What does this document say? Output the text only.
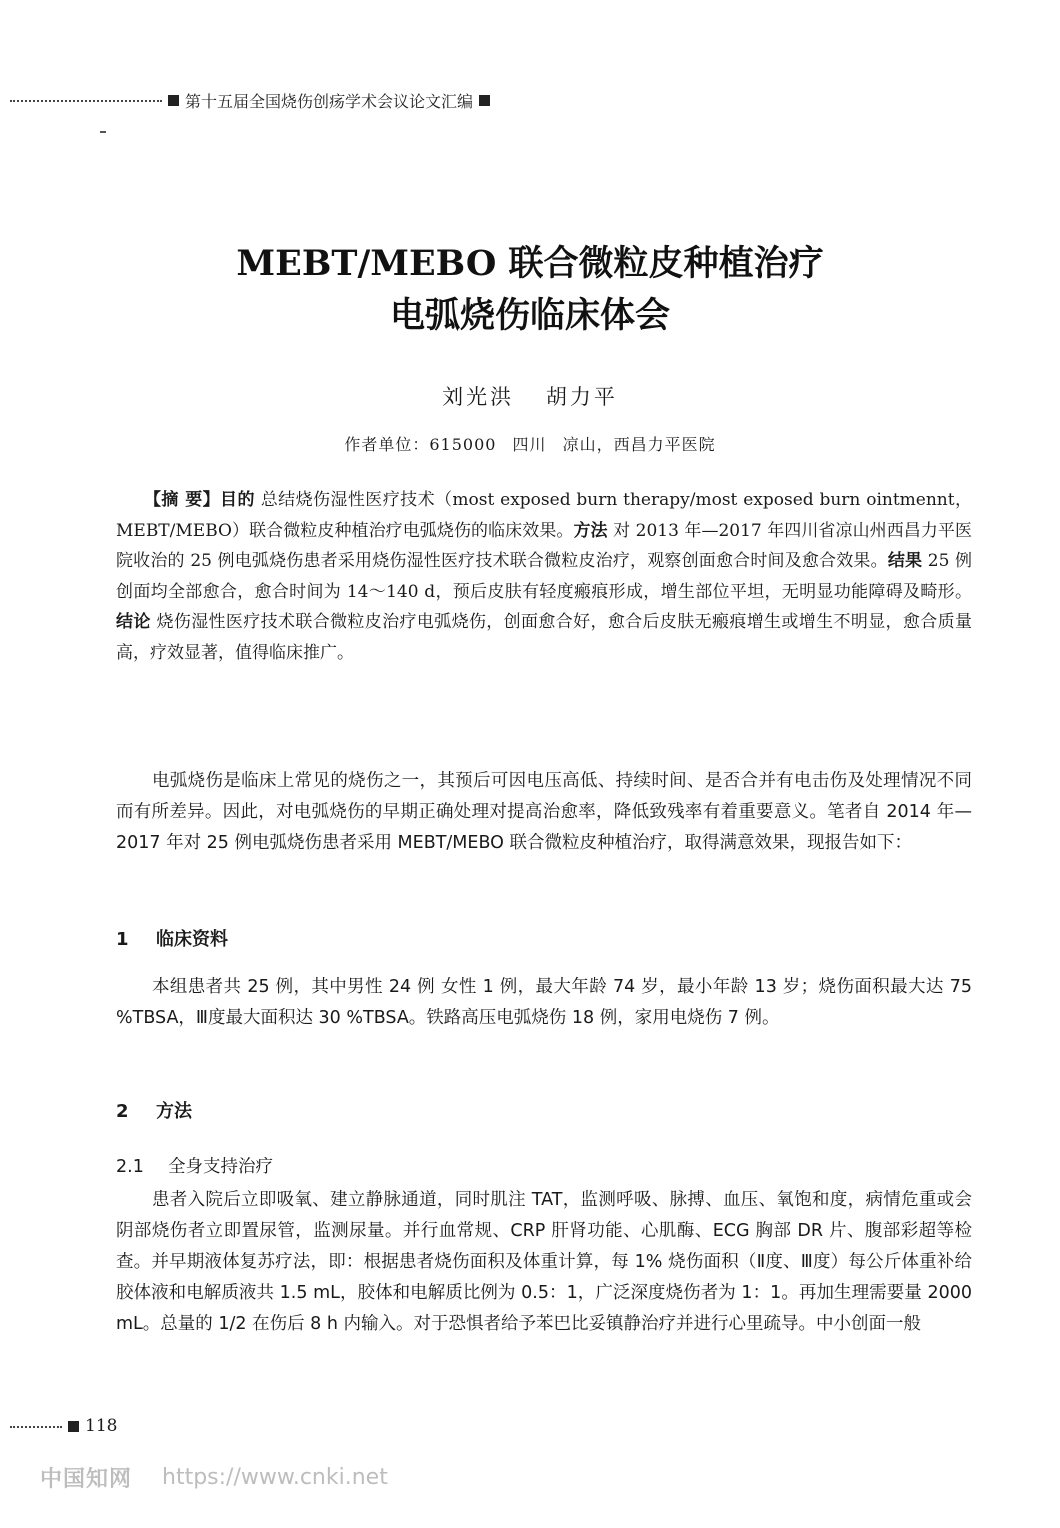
第十五届全国烧伤创疡学术会议论文汇编
MEBT/MEBO 联合微粒皮种植治疗
电弧烧伤临床体会
刘光洪 胡力平
作者单位：615000 四川 凉山，西昌力平医院
【摘 要】目的 总结烧伤湿性医疗技术（most exposed burn therapy/most exposed burn ointmennt，MEBT/MEBO）联合微粒皮种植治疗电弧烧伤的临床效果。方法 对 2013 年—2017 年四川省凉山州西昌力平医院收治的 25 例电弧烧伤患者采用烧伤湿性医疗技术联合微粒皮治疗，观察创面愈合时间及愈合效果。结果 25 例创面均全部愈合，愈合时间为 14～140 d，预后皮肤有轻度瘢痕形成，增生部位平坦，无明显功能障碍及畸形。结论 烧伤湿性医疗技术联合微粒皮治疗电弧烧伤，创面愈合好，愈合后皮肤无瘢痕增生或增生不明显，愈合质量高，疗效显著，值得临床推广。
电弧烧伤是临床上常见的烧伤之一，其预后可因电压高低、持续时间、是否合并有电击伤及处理情况不同而有所差异。因此，对电弧烧伤的早期正确处理对提高治愈率，降低致残率有着重要意义。笔者自 2014 年—2017 年对 25 例电弧烧伤患者采用 MEBT/MEBO 联合微粒皮种植治疗，取得满意效果，现报告如下：
1 临床资料
本组患者共 25 例，其中男性 24 例 女性 1 例，最大年龄 74 岁，最小年龄 13 岁；烧伤面积最大达 75 %TBSA，Ⅲ度最大面积达 30 %TBSA。铁路高压电弧烧伤 18 例，家用电烧伤 7 例。
2 方法
2.1 全身支持治疗
患者入院后立即吸氧、建立静脉通道，同时肌注 TAT，监测呼吸、脉搏、血压、氧饱和度，病情危重或会阴部烧伤者立即置尿管，监测尿量。并行血常规、CRP 肝肾功能、心肌酶、ECG 胸部 DR 片、腹部彩超等检查。并早期液体复苏疗法，即：根据患者烧伤面积及体重计算，每 1% 烧伤面积（Ⅱ度、Ⅲ度）每公斤体重补给胶体液和电解质液共 1.5 mL，胶体和电解质比例为 0.5：1，广泛深度烧伤者为 1：1。再加生理需要量 2000 mL。总量的 1/2 在伤后 8 h 内输入。对于恐惧者给予苯巴比妥镇静治疗并进行心里疏导。中小创面一般
118
中国知网 https://www.cnki.net
